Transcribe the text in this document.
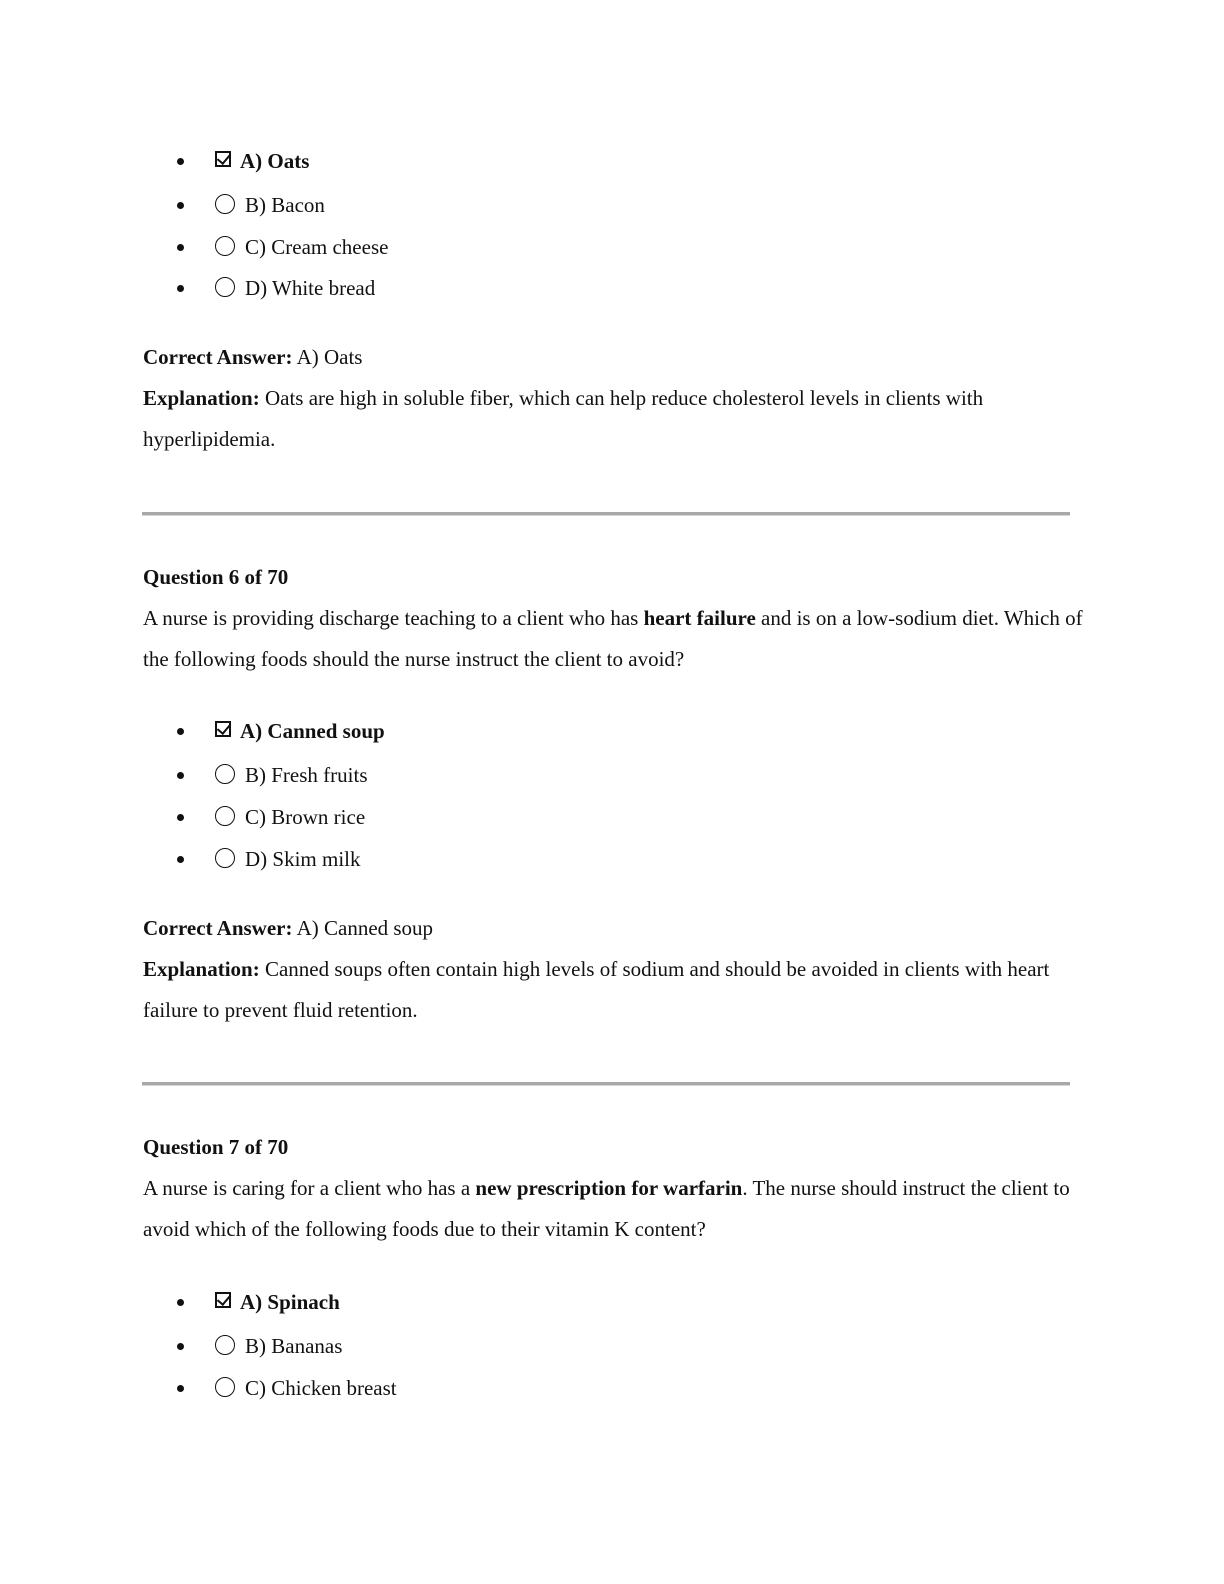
A) Oats
B) Bacon
C) Cream cheese
D) White bread

Correct Answer: A) Oats

Explanation: Oats are high in soluble fiber, which can help reduce cholesterol levels in clients with hyperlipidemia.

Question 6 of 70

A nurse is providing discharge teaching to a client who has heart failure and is on a low-sodium diet. Which of the following foods should the nurse instruct the client to avoid?

A) Canned soup
B) Fresh fruits
C) Brown rice
D) Skim milk

Correct Answer: A) Canned soup

Explanation: Canned soups often contain high levels of sodium and should be avoided in clients with heart failure to prevent fluid retention.

Question 7 of 70

A nurse is caring for a client who has a new prescription for warfarin. The nurse should instruct the client to avoid which of the following foods due to their vitamin K content?

A) Spinach
B) Bananas
C) Chicken breast
